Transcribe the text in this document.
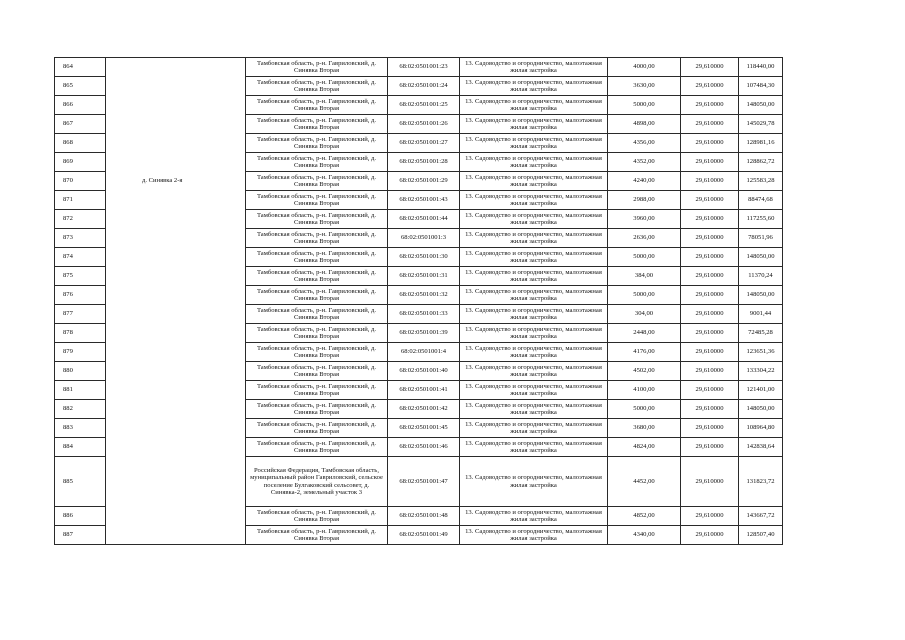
864		Тамбовская область, р-н. Гавриловский, д. Синявка Вторая	68:02:0501001:23	13. Садоводство и огородничество, малоэтажная жилая застройка	4000,00	29,610000	118440,00
865		Тамбовская область, р-н. Гавриловский, д. Синявка Вторая	68:02:0501001:24	13. Садоводство и огородничество, малоэтажная жилая застройка	3630,00	29,610000	107484,30
866		Тамбовская область, р-н. Гавриловский, д. Синявка Вторая	68:02:0501001:25	13. Садоводство и огородничество, малоэтажная жилая застройка	5000,00	29,610000	148050,00
867		Тамбовская область, р-н. Гавриловский, д. Синявка Вторая	68:02:0501001:26	13. Садоводство и огородничество, малоэтажная жилая застройка	4898,00	29,610000	145029,78
868		Тамбовская область, р-н. Гавриловский, д. Синявка Вторая	68:02:0501001:27	13. Садоводство и огородничество, малоэтажная жилая застройка	4356,00	29,610000	128981,16
869		Тамбовская область, р-н. Гавриловский, д. Синявка Вторая	68:02:0501001:28	13. Садоводство и огородничество, малоэтажная жилая застройка	4352,00	29,610000	128862,72
870	д. Синявка 2-я	Тамбовская область, р-н. Гавриловский, д. Синявка Вторая	68:02:0501001:29	13. Садоводство и огородничество, малоэтажная жилая застройка	4240,00	29,610000	125583,28
871		Тамбовская область, р-н. Гавриловский, д. Синявка Вторая	68:02:0501001:43	13. Садоводство и огородничество, малоэтажная жилая застройка	2988,00	29,610000	88474,68
872		Тамбовская область, р-н. Гавриловский, д. Синявка Вторая	68:02:0501001:44	13. Садоводство и огородничество, малоэтажная жилая застройка	3960,00	29,610000	117255,60
873		Тамбовская область, р-н. Гавриловский, д. Синявка Вторая	68:02:0501001:3	13. Садоводство и огородничество, малоэтажная жилая застройка	2636,00	29,610000	78051,96
874		Тамбовская область, р-н. Гавриловский, д. Синявка Вторая	68:02:0501001:30	13. Садоводство и огородничество, малоэтажная жилая застройка	5000,00	29,610000	148050,00
875		Тамбовская область, р-н. Гавриловский, д. Синявка Вторая	68:02:0501001:31	13. Садоводство и огородничество, малоэтажная жилая застройка	384,00	29,610000	11370,24
876		Тамбовская область, р-н. Гавриловский, д. Синявка Вторая	68:02:0501001:32	13. Садоводство и огородничество, малоэтажная жилая застройка	5000,00	29,610000	148050,00
877		Тамбовская область, р-н. Гавриловский, д. Синявка Вторая	68:02:0501001:33	13. Садоводство и огородничество, малоэтажная жилая застройка	304,00	29,610000	9001,44
878		Тамбовская область, р-н. Гавриловский, д. Синявка Вторая	68:02:0501001:39	13. Садоводство и огородничество, малоэтажная жилая застройка	2448,00	29,610000	72485,28
879		Тамбовская область, р-н. Гавриловский, д. Синявка Вторая	68:02:0501001:4	13. Садоводство и огородничество, малоэтажная жилая застройка	4176,00	29,610000	123651,36
880		Тамбовская область, р-н. Гавриловский, д. Синявка Вторая	68:02:0501001:40	13. Садоводство и огородничество, малоэтажная жилая застройка	4502,00	29,610000	133304,22
881		Тамбовская область, р-н. Гавриловский, д. Синявка Вторая	68:02:0501001:41	13. Садоводство и огородничество, малоэтажная жилая застройка	4100,00	29,610000	121401,00
882		Тамбовская область, р-н. Гавриловский, д. Синявка Вторая	68:02:0501001:42	13. Садоводство и огородничество, малоэтажная жилая застройка	5000,00	29,610000	148050,00
883		Тамбовская область, р-н. Гавриловский, д. Синявка Вторая	68:02:0501001:45	13. Садоводство и огородничество, малоэтажная жилая застройка	3680,00	29,610000	108964,80
884		Тамбовская область, р-н. Гавриловский, д. Синявка Вторая	68:02:0501001:46	13. Садоводство и огородничество, малоэтажная жилая застройка	4824,00	29,610000	142838,64
885		Российская Федерация, Тамбовская область, муниципальный район Гавриловский, сельское поселение Булгаковский сельсовет, д. Синявка-2, земельный участок 3	68:02:0501001:47	13. Садоводство и огородничество, малоэтажная жилая застройка	4452,00	29,610000	131823,72
886		Тамбовская область, р-н. Гавриловский, д. Синявка Вторая	68:02:0501001:48	13. Садоводство и огородничество, малоэтажная жилая застройка	4852,00	29,610000	143667,72
887		Тамбовская область, р-н. Гавриловский, д. Синявка Вторая	68:02:0501001:49	13. Садоводство и огородничество, малоэтажная жилая застройка	4340,00	29,610000	128507,40
